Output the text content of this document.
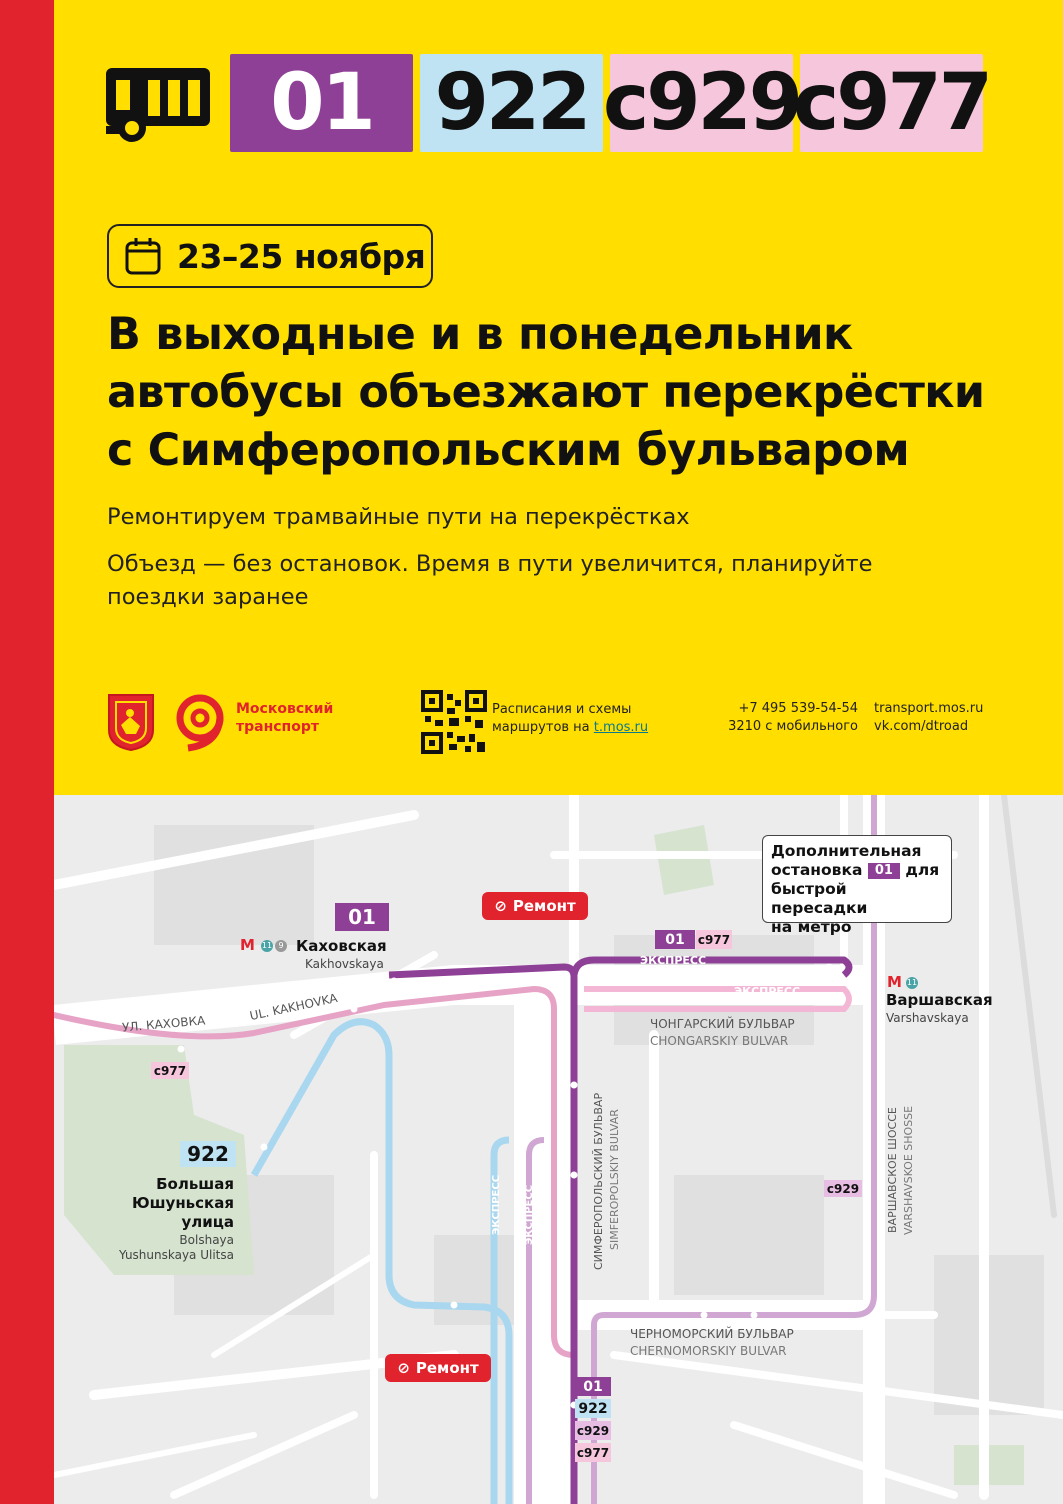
01 922 с929
с977
23–25 ноября
В выходные и в понедельник
автобусы объезжают перекрёстки
с Симферопольским бульваром
Ремонтируем трамвайные пути на перекрёстках
Объезд — без остановок. Время в пути увеличится, планируйте поездки заранее
Московский
транспорт
Расписания и схемы
маршрутов на t.mos.ru
+7 495 539-54-54
3210 с мобильного
transport.mos.ru
vk.com/dtroad
01
М 11 9 Каховская
Kakhovskaya
УЛ. КАХОВКА
UL. KAKHOVKA
с977
922
Большая
Юшуньская
улица
Bolshaya
Yushunskaya Ulitsa
⊘ Ремонт
⊘ Ремонт
01	с977
ЭКСПРЕСС
ЭКСПРЕСС
Дополнительная
остановка 01 для
быстрой пересадки
на метро
М 11
Варшавская
Varshavskaya
ЧОНГАРСКИЙ БУЛЬВАР
CHONGARSKIY BULVAR
ЧЕРНОМОРСКИЙ БУЛЬВАР
CHERNOMORSKIY BULVAR
СИМФЕРОПОЛЬСКИЙ БУЛЬВАР SIMFEROPOLSKIY BULVAR	ВАРШАВСКОЕ ШОССЕ VARSHAVSKOE SHOSSE
ЭКСПРЕСС ЭКСПРЕСС	с929
01
922
с929
с977
